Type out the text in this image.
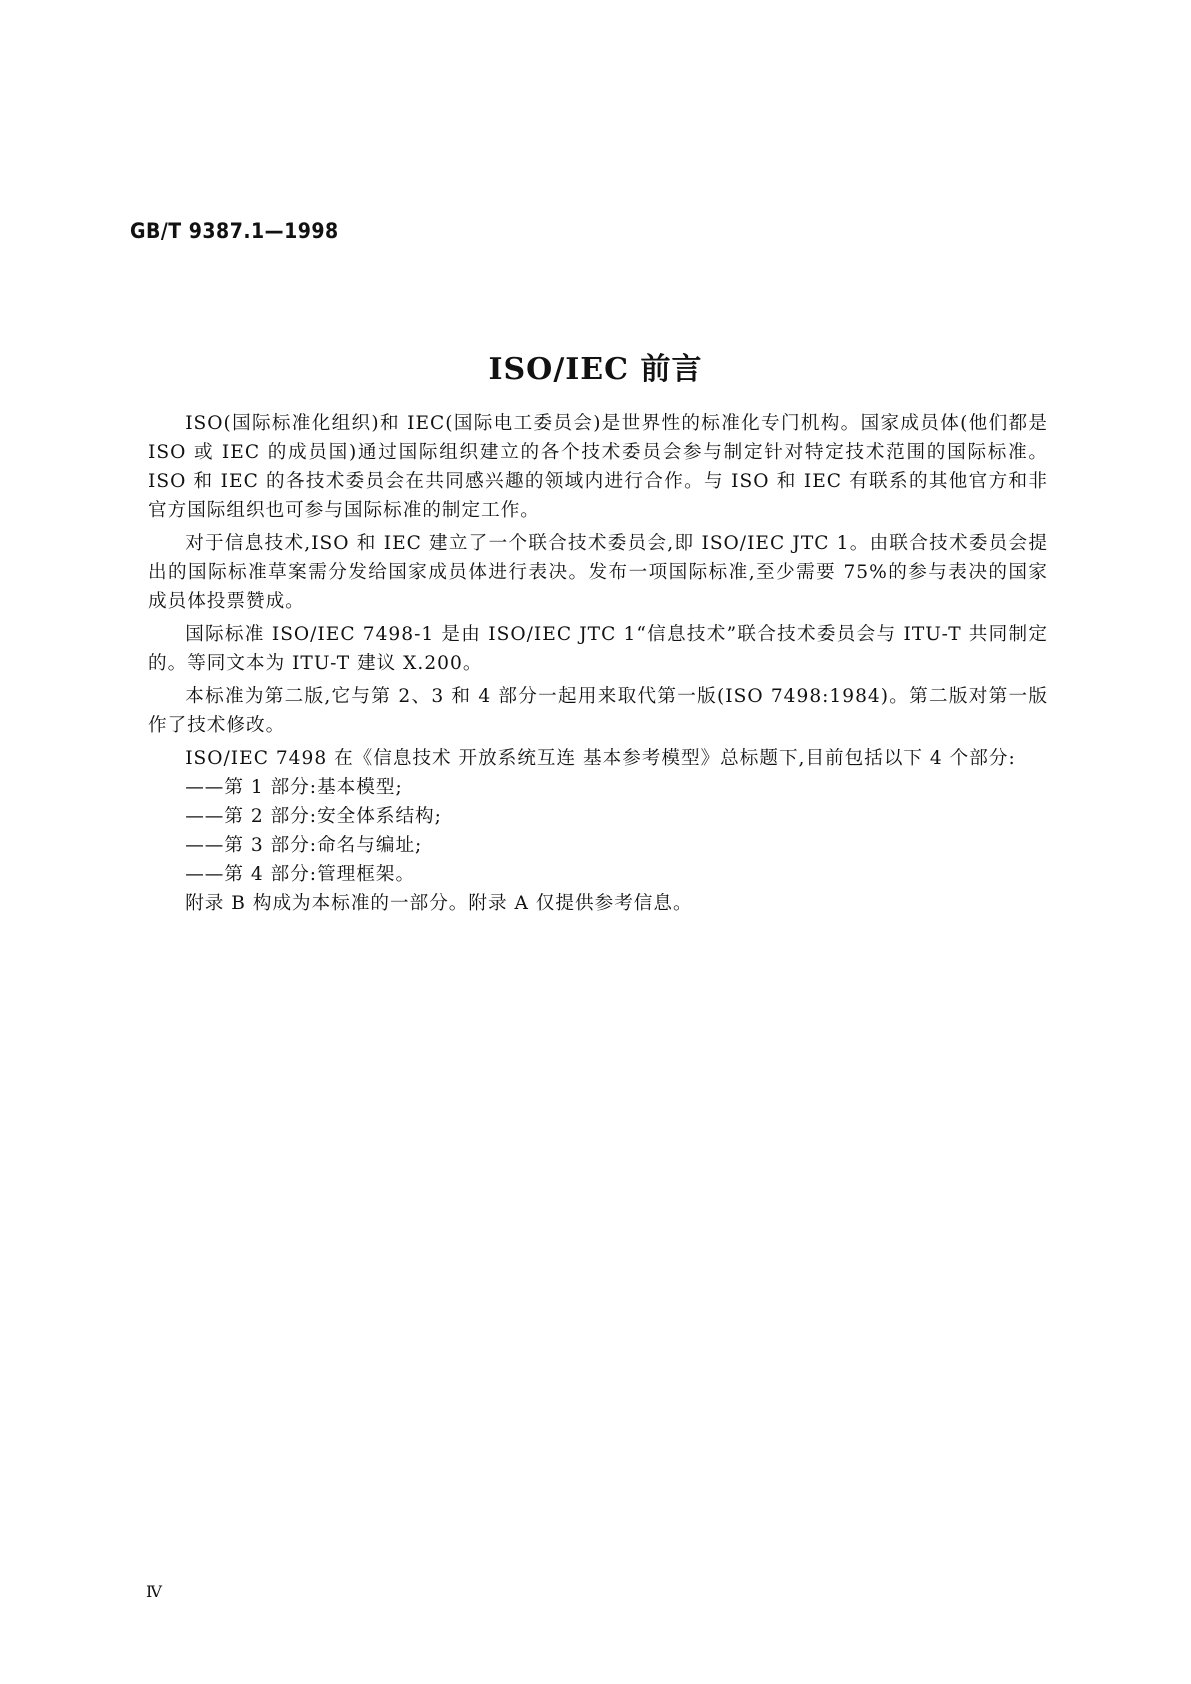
GB/T 9387.1—1998
ISO/IEC 前言

ISO(国际标准化组织)和 IEC(国际电工委员会)是世界性的标准化专门机构。国家成员体(他们都是 ISO 或 IEC 的成员国)通过国际组织建立的各个技术委员会参与制定针对特定技术范围的国际标准。ISO 和 IEC 的各技术委员会在共同感兴趣的领域内进行合作。与 ISO 和 IEC 有联系的其他官方和非官方国际组织也可参与国际标准的制定工作。

对于信息技术,ISO 和 IEC 建立了一个联合技术委员会,即 ISO/IEC JTC 1。由联合技术委员会提出的国际标准草案需分发给国家成员体进行表决。发布一项国际标准,至少需要 75%的参与表决的国家成员体投票赞成。

国际标准 ISO/IEC 7498-1 是由 ISO/IEC JTC 1“信息技术”联合技术委员会与 ITU-T 共同制定的。等同文本为 ITU-T 建议 X.200。

本标准为第二版,它与第 2、3 和 4 部分一起用来取代第一版(ISO 7498:1984)。第二版对第一版作了技术修改。

ISO/IEC 7498 在《信息技术 开放系统互连 基本参考模型》总标题下,目前包括以下 4 个部分:

——第 1 部分:基本模型;

——第 2 部分:安全体系结构;

——第 3 部分:命名与编址;

——第 4 部分:管理框架。

附录 B 构成为本标准的一部分。附录 A 仅提供参考信息。

Ⅳ
